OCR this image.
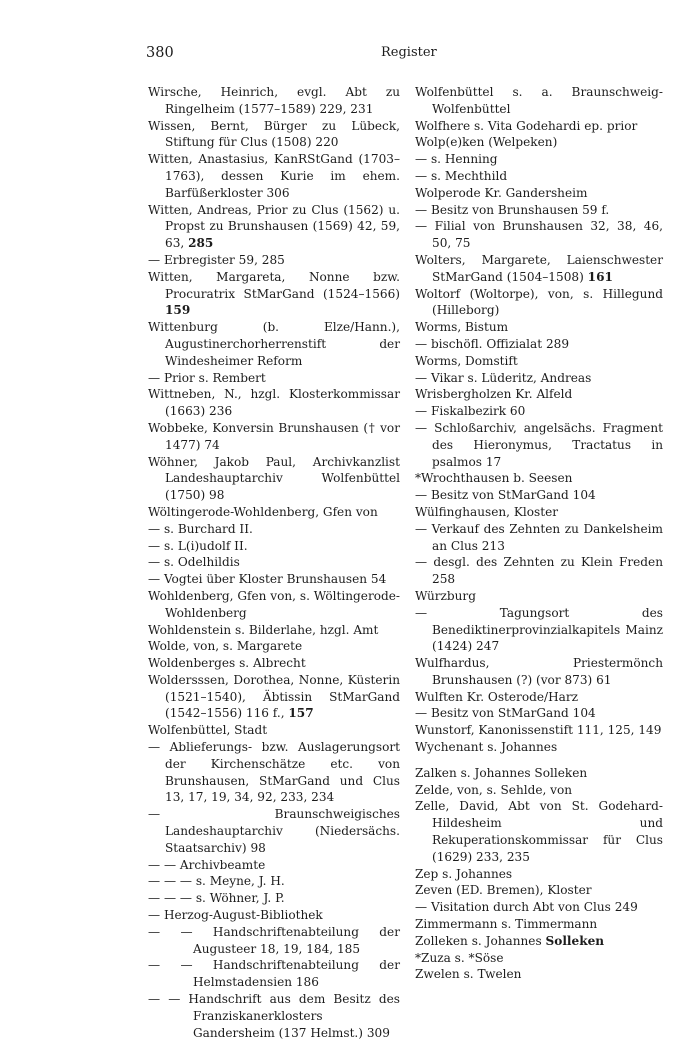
380	Register
Wirsche, Heinrich, evgl. Abt zu Ringelheim (1577–1589) 229, 231
Wissen, Bernt, Bürger zu Lübeck, Stiftung für Clus (1508) 220
Witten, Anastasius, KanRStGand (1703–1763), dessen Kurie im ehem. Barfüßerkloster 306
Witten, Andreas, Prior zu Clus (1562) u. Propst zu Brunshausen (1569) 42, 59, 63, 285
— Erbregister 59, 285
Witten, Margareta, Nonne bzw. Procuratrix StMarGand (1524–1566) 159
Wittenburg (b. Elze/Hann.), Augustinerchorherrenstift der Windesheimer Reform
— Prior s. Rembert
Wittneben, N., hzgl. Klosterkommissar (1663) 236
Wobbeke, Konversin Brunshausen († vor 1477) 74
Wöhner, Jakob Paul, Archivkanzlist Landeshauptarchiv Wolfenbüttel (1750) 98
Wöltingerode-Wohldenberg, Gfen von
— s. Burchard II.
— s. L(i)udolf II.
— s. Odelhildis
— Vogtei über Kloster Brunshausen 54
Wohldenberg, Gfen von, s. Wöltingerode-Wohldenberg
Wohldenstein s. Bilderlahe, hzgl. Amt
Wolde, von, s. Margarete
Woldenberges s. Albrecht
Woldersssen, Dorothea, Nonne, Küsterin (1521–1540), Äbtissin StMarGand (1542–1556) 116 f., 157
Wolfenbüttel, Stadt
— Ablieferungs- bzw. Auslagerungsort der Kirchenschätze etc. von Brunshausen, StMarGand und Clus 13, 17, 19, 34, 92, 233, 234
— Braunschweigisches Landeshauptarchiv (Niedersächs. Staatsarchiv) 98
— — Archivbeamte
— — — s. Meyne, J. H.
— — — s. Wöhner, J. P.
— Herzog-August-Bibliothek
— — Handschriftenabteilung der Augusteer 18, 19, 184, 185
— — Handschriftenabteilung der Helmstadensien 186
— — Handschrift aus dem Besitz des Franziskanerklosters Gandersheim (137 Helmst.) 309
Wolfenbüttel s. a. Braunschweig-Wolfenbüttel
Wolfhere s. Vita Godehardi ep. prior
Wolp(e)ken (Welpeken)
— s. Henning
— s. Mechthild
Wolperode Kr. Gandersheim
— Besitz von Brunshausen 59 f.
— Filial von Brunshausen 32, 38, 46, 50, 75
Wolters, Margarete, Laienschwester StMarGand (1504–1508) 161
Woltorf (Woltorpe), von, s. Hillegund (Hilleborg)
Worms, Bistum
— bischöfl. Offizialat 289
Worms, Domstift
— Vikar s. Lüderitz, Andreas
Wrisbergholzen Kr. Alfeld
— Fiskalbezirk 60
— Schloßarchiv, angelsächs. Fragment des Hieronymus, Tractatus in psalmos 17
*Wrochthausen b. Seesen
— Besitz von StMarGand 104
Wülfinghausen, Kloster
— Verkauf des Zehnten zu Dankelsheim an Clus 213
— desgl. des Zehnten zu Klein Freden 258
Würzburg
— Tagungsort des Benediktinerprovinzialkapitels Mainz (1424) 247
Wulfhardus, Priestermönch Brunshausen (?) (vor 873) 61
Wulften Kr. Osterode/Harz
— Besitz von StMarGand 104
Wunstorf, Kanonissenstift 111, 125, 149
Wychenant s. Johannes
Zalken s. Johannes Solleken
Zelde, von, s. Sehlde, von
Zelle, David, Abt von St. Godehard-Hildesheim und Rekuperationskommissar für Clus (1629) 233, 235
Zep s. Johannes
Zeven (ED. Bremen), Kloster
— Visitation durch Abt von Clus 249
Zimmermann s. Timmermann
Zolleken s. Johannes Solleken
*Zuza s. *Söse
Zwelen s. Twelen
